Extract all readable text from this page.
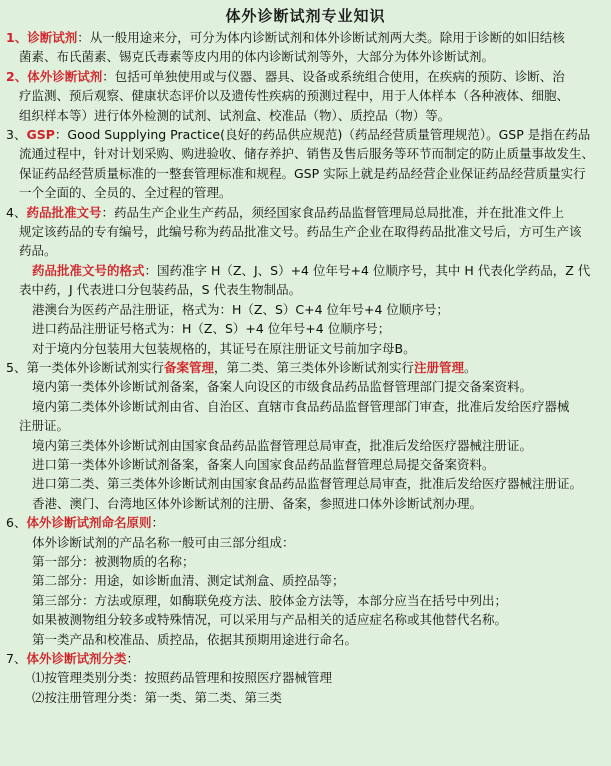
体外诊断试剂专业知识
1、诊断试剂：从一般用途来分，可分为体内诊断试剂和体外诊断试剂两大类。除用于诊断的如旧结核
菌素、布氏菌素、锡克氏毒素等皮内用的体内诊断试剂等外，大部分为体外诊断试剂。
2、体外诊断试剂：包括可单独使用或与仪器、器具、设备或系统组合使用，在疾病的预防、诊断、治
疗监测、预后观察、健康状态评价以及遗传性疾病的预测过程中，用于人体样本（各种液体、细胞、
组织样本等）进行体外检测的试剂、试剂盒、校准品（物）、质控品（物）等。
3、GSP：Good Supplying Practice(良好的药品供应规范)（药品经营质量管理规范）。GSP 是指在药品
流通过程中，针对计划采购、购进验收、储存养护、销售及售后服务等环节而制定的防止质量事故发生、
保证药品经营质量标准的一整套管理标准和规程。GSP 实际上就是药品经营企业保证药品经营质量实行
一个全面的、全员的、全过程的管理。
4、药品批准文号：药品生产企业生产药品，须经国家食品药品监督管理局总局批准，并在批准文件上
规定该药品的专有编号，此编号称为药品批准文号。药品生产企业在取得药品批准文号后，方可生产该
药品。
药品批准文号的格式：国药准字 H（Z、J、S）+4 位年号+4 位顺序号，其中 H 代表化学药品，Z 代
表中药，J 代表进口分包装药品，S 代表生物制品。
港澳台为医药产品注册证，格式为：H（Z、S）C+4 位年号+4 位顺序号；
进口药品注册证号格式为：H（Z、S）+4 位年号+4 位顺序号；
对于境内分包装用大包装规格的，其证号在原注册证文号前加字母B。
5、第一类体外诊断试剂实行备案管理，第二类、第三类体外诊断试剂实行注册管理。
境内第一类体外诊断试剂备案，备案人向设区的市级食品药品监督管理部门提交备案资料。
境内第二类体外诊断试剂由省、自治区、直辖市食品药品监督管理部门审查，批准后发给医疗器械
注册证。
境内第三类体外诊断试剂由国家食品药品监督管理总局审查，批准后发给医疗器械注册证。
进口第一类体外诊断试剂备案，备案人向国家食品药品监督管理总局提交备案资料。
进口第二类、第三类体外诊断试剂由国家食品药品监督管理总局审查，批准后发给医疗器械注册证。
香港、澳门、台湾地区体外诊断试剂的注册、备案，参照进口体外诊断试剂办理。
6、体外诊断试剂命名原则：
体外诊断试剂的产品名称一般可由三部分组成：
第一部分：被测物质的名称；
第二部分：用途，如诊断血清、测定试剂盒、质控品等；
第三部分：方法或原理，如酶联免疫方法、胶体金方法等，本部分应当在括号中列出；
如果被测物组分较多或特殊情况，可以采用与产品相关的适应症名称或其他替代名称。
第一类产品和校准品、质控品，依据其预期用途进行命名。
7、体外诊断试剂分类：
⑴按管理类别分类：按照药品管理和按照医疗器械管理
⑵按注册管理分类：第一类、第二类、第三类
